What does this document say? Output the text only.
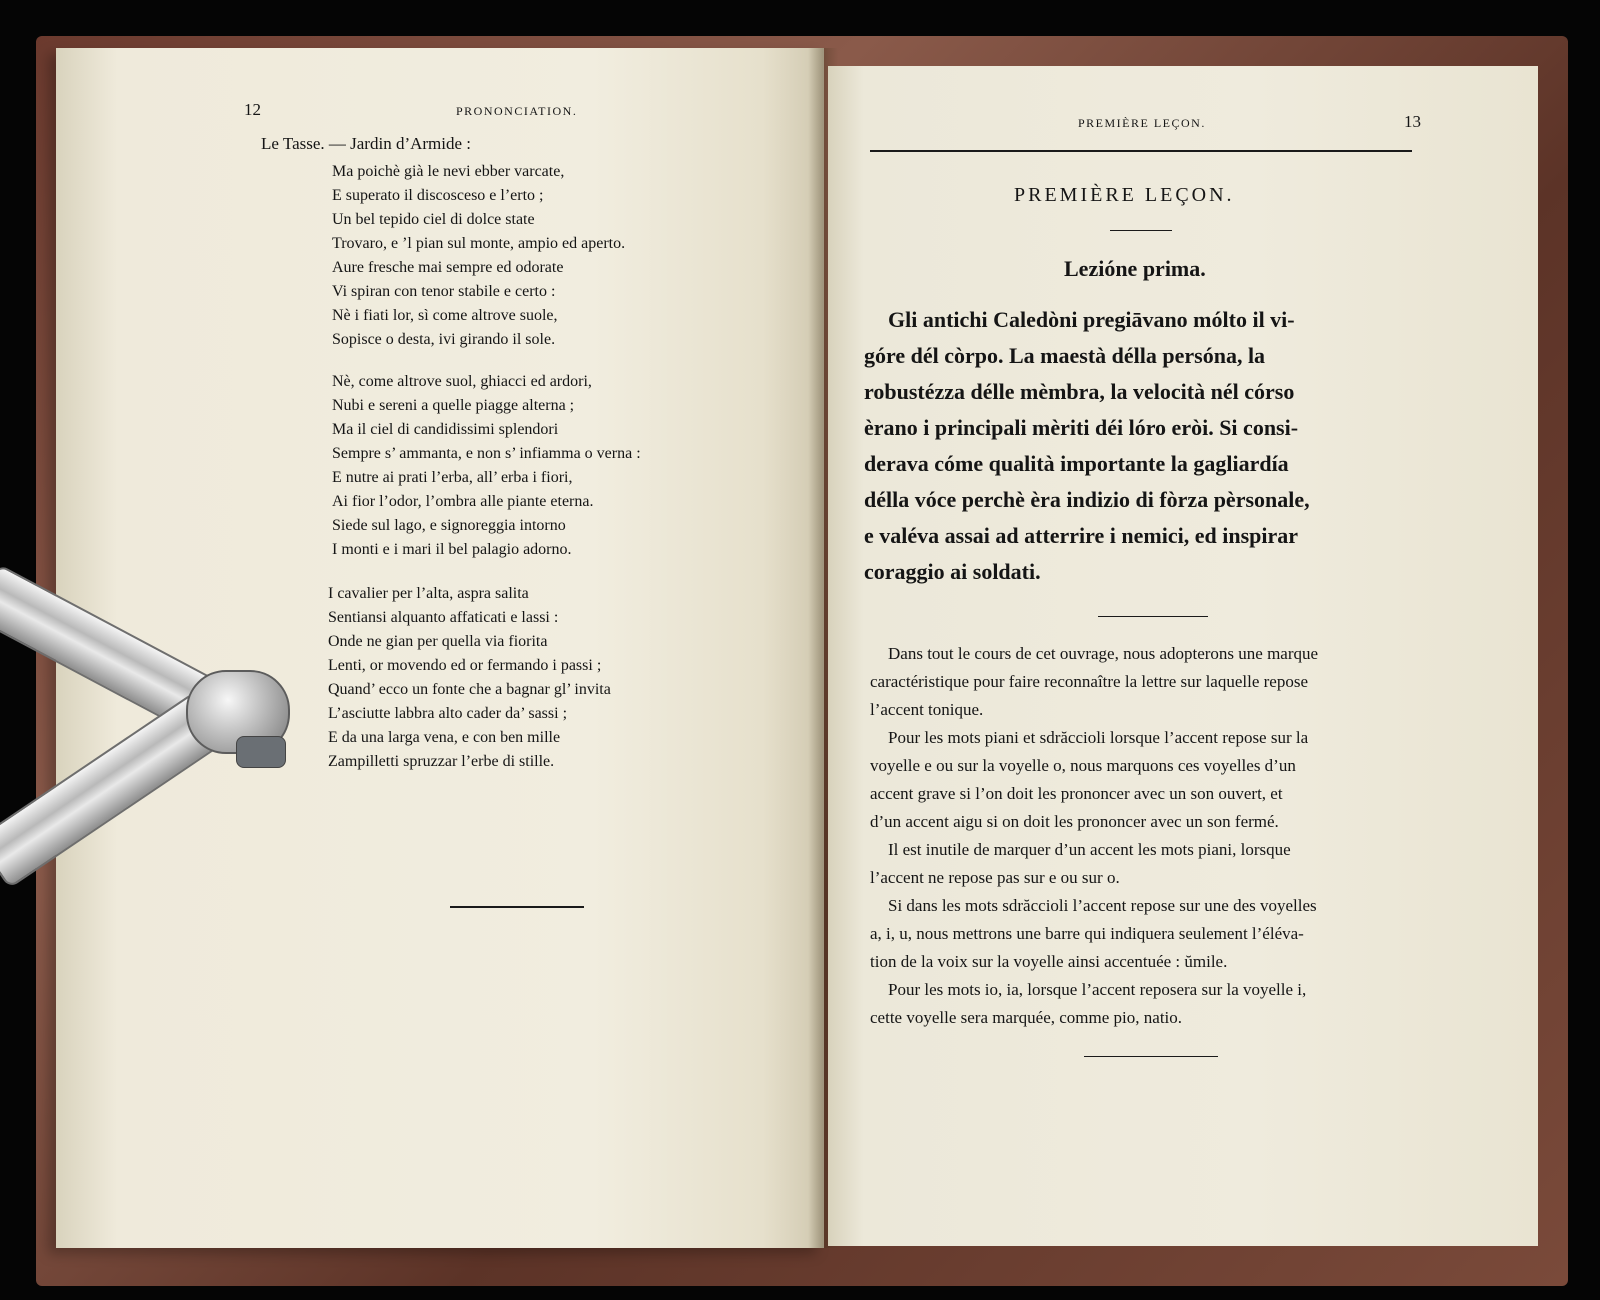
12	PRONONCIATION.
Le Tasse. — Jardin d’Armide :
Ma poichè già le nevi ebber varcate,
E superato il discosceso e l’erto ;
Un bel tepido ciel di dolce state
Trovaro, e ’l pian sul monte, ampio ed aperto.
Aure fresche mai sempre ed odorate
Vi spiran con tenor stabile e certo :
Nè i fiati lor, sì come altrove suole,
Sopisce o desta, ivi girando il sole.
Nè, come altrove suol, ghiacci ed ardori,
Nubi e sereni a quelle piagge alterna ;
Ma il ciel di candidissimi splendori
Sempre s’ ammanta, e non s’ infiamma o verna :
E nutre ai prati l’erba, all’ erba i fiori,
Ai fior l’odor, l’ombra alle piante eterna.
Siede sul lago, e signoreggia intorno
I monti e i mari il bel palagio adorno.
I cavalier per l’alta, aspra salita
Sentiansi alquanto affaticati e lassi :
Onde ne gian per quella via fiorita
Lenti, or movendo ed or fermando i passi ;
Quand’ ecco un fonte che a bagnar gl’ invita
L’asciutte labbra alto cader da’ sassi ;
E da una larga vena, e con ben mille
Zampilletti spruzzar l’erbe di stille.
PREMIÈRE LEÇON.	13
PREMIÈRE LEÇON.
Lezióne prima.
Gli antichi Caledòni pregiāvano mólto il vi-
góre dél còrpo. La maestà délla persóna, la
robustézza délle mèmbra, la velocità nél córso
èrano i principali mèriti déi lóro eròi. Si consi-
derava cóme qualità importante la gagliardía
délla vóce perchè èra indizio di fòrza pèrsonale,
e valéva assai ad atterrire i nemici, ed inspirar
coraggio ai soldati.
Dans tout le cours de cet ouvrage, nous adopterons une marque
caractéristique pour faire reconnaître la lettre sur laquelle repose
l’accent tonique.
Pour les mots piani et sdrăccioli lorsque l’accent repose sur la
voyelle e ou sur la voyelle o, nous marquons ces voyelles d’un
accent grave si l’on doit les prononcer avec un son ouvert, et
d’un accent aigu si on doit les prononcer avec un son fermé.
Il est inutile de marquer d’un accent les mots piani, lorsque
l’accent ne repose pas sur e ou sur o.
Si dans les mots sdrăccioli l’accent repose sur une des voyelles
a, i, u, nous mettrons une barre qui indiquera seulement l’éléva-
tion de la voix sur la voyelle ainsi accentuée : ŭmile.
Pour les mots io, ia, lorsque l’accent reposera sur la voyelle i,
cette voyelle sera marquée, comme pio, natio.
